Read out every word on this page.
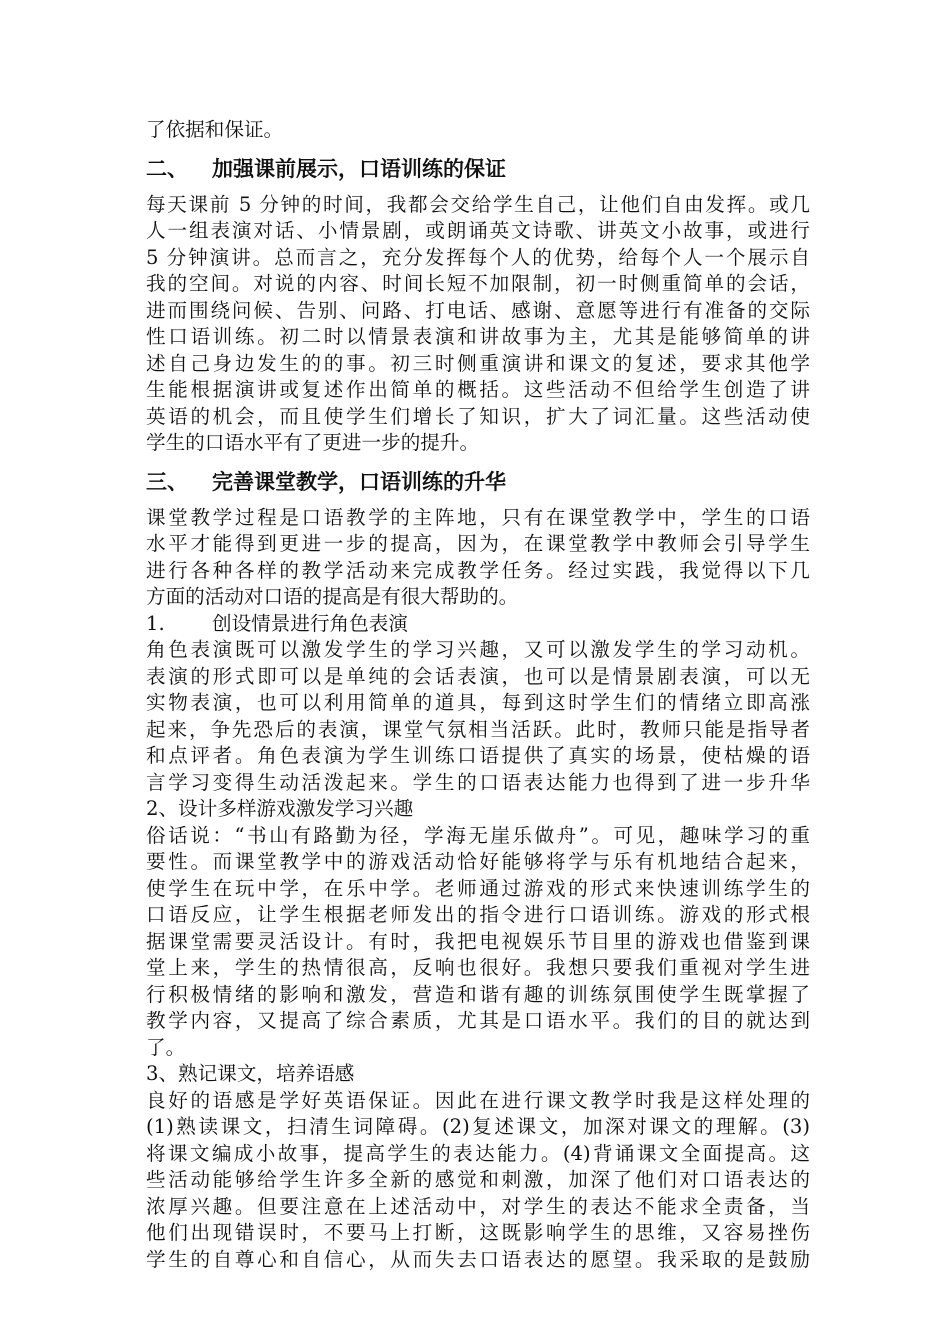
了依据和保证。
二、 加强课前展示，口语训练的保证
每天课前 5 分钟的时间，我都会交给学生自己，让他们自由发挥。或几
人一组表演对话、小情景剧，或朗诵英文诗歌、讲英文小故事，或进行
5 分钟演讲。总而言之，充分发挥每个人的优势，给每个人一个展示自
我的空间。对说的内容、时间长短不加限制，初一时侧重简单的会话，
进而围绕问候、告别、问路、打电话、感谢、意愿等进行有准备的交际
性口语训练。初二时以情景表演和讲故事为主，尤其是能够简单的讲
述自己身边发生的的事。初三时侧重演讲和课文的复述，要求其他学
生能根据演讲或复述作出简单的概括。这些活动不但给学生创造了讲
英语的机会，而且使学生们增长了知识，扩大了词汇量。这些活动使
学生的口语水平有了更进一步的提升。
三、 完善课堂教学，口语训练的升华
课堂教学过程是口语教学的主阵地，只有在课堂教学中，学生的口语
水平才能得到更进一步的提高，因为，在课堂教学中教师会引导学生
进行各种各样的教学活动来完成教学任务。经过实践，我觉得以下几
方面的活动对口语的提高是有很大帮助的。
1. 创设情景进行角色表演
角色表演既可以激发学生的学习兴趣，又可以激发学生的学习动机。
表演的形式即可以是单纯的会话表演，也可以是情景剧表演，可以无
实物表演，也可以利用简单的道具，每到这时学生们的情绪立即高涨
起来，争先恐后的表演，课堂气氛相当活跃。此时，教师只能是指导者
和点评者。角色表演为学生训练口语提供了真实的场景，使枯燥的语
言学习变得生动活泼起来。学生的口语表达能力也得到了进一步升华
2、设计多样游戏激发学习兴趣
俗话说：“书山有路勤为径，学海无崖乐做舟”。可见，趣味学习的重
要性。而课堂教学中的游戏活动恰好能够将学与乐有机地结合起来，
使学生在玩中学，在乐中学。老师通过游戏的形式来快速训练学生的
口语反应，让学生根据老师发出的指令进行口语训练。游戏的形式根
据课堂需要灵活设计。有时，我把电视娱乐节目里的游戏也借鉴到课
堂上来，学生的热情很高，反响也很好。我想只要我们重视对学生进
行积极情绪的影响和激发，营造和谐有趣的训练氛围使学生既掌握了
教学内容，又提高了综合素质，尤其是口语水平。我们的目的就达到
了。
3、熟记课文，培养语感
良好的语感是学好英语保证。因此在进行课文教学时我是这样处理的
(1)熟读课文，扫清生词障碍。(2)复述课文，加深对课文的理解。(3)
将课文编成小故事，提高学生的表达能力。(4)背诵课文全面提高。这
些活动能够给学生许多全新的感觉和刺激，加深了他们对口语表达的
浓厚兴趣。但要注意在上述活动中，对学生的表达不能求全责备，当
他们出现错误时，不要马上打断，这既影响学生的思维，又容易挫伤
学生的自尊心和自信心，从而失去口语表达的愿望。我采取的是鼓励
